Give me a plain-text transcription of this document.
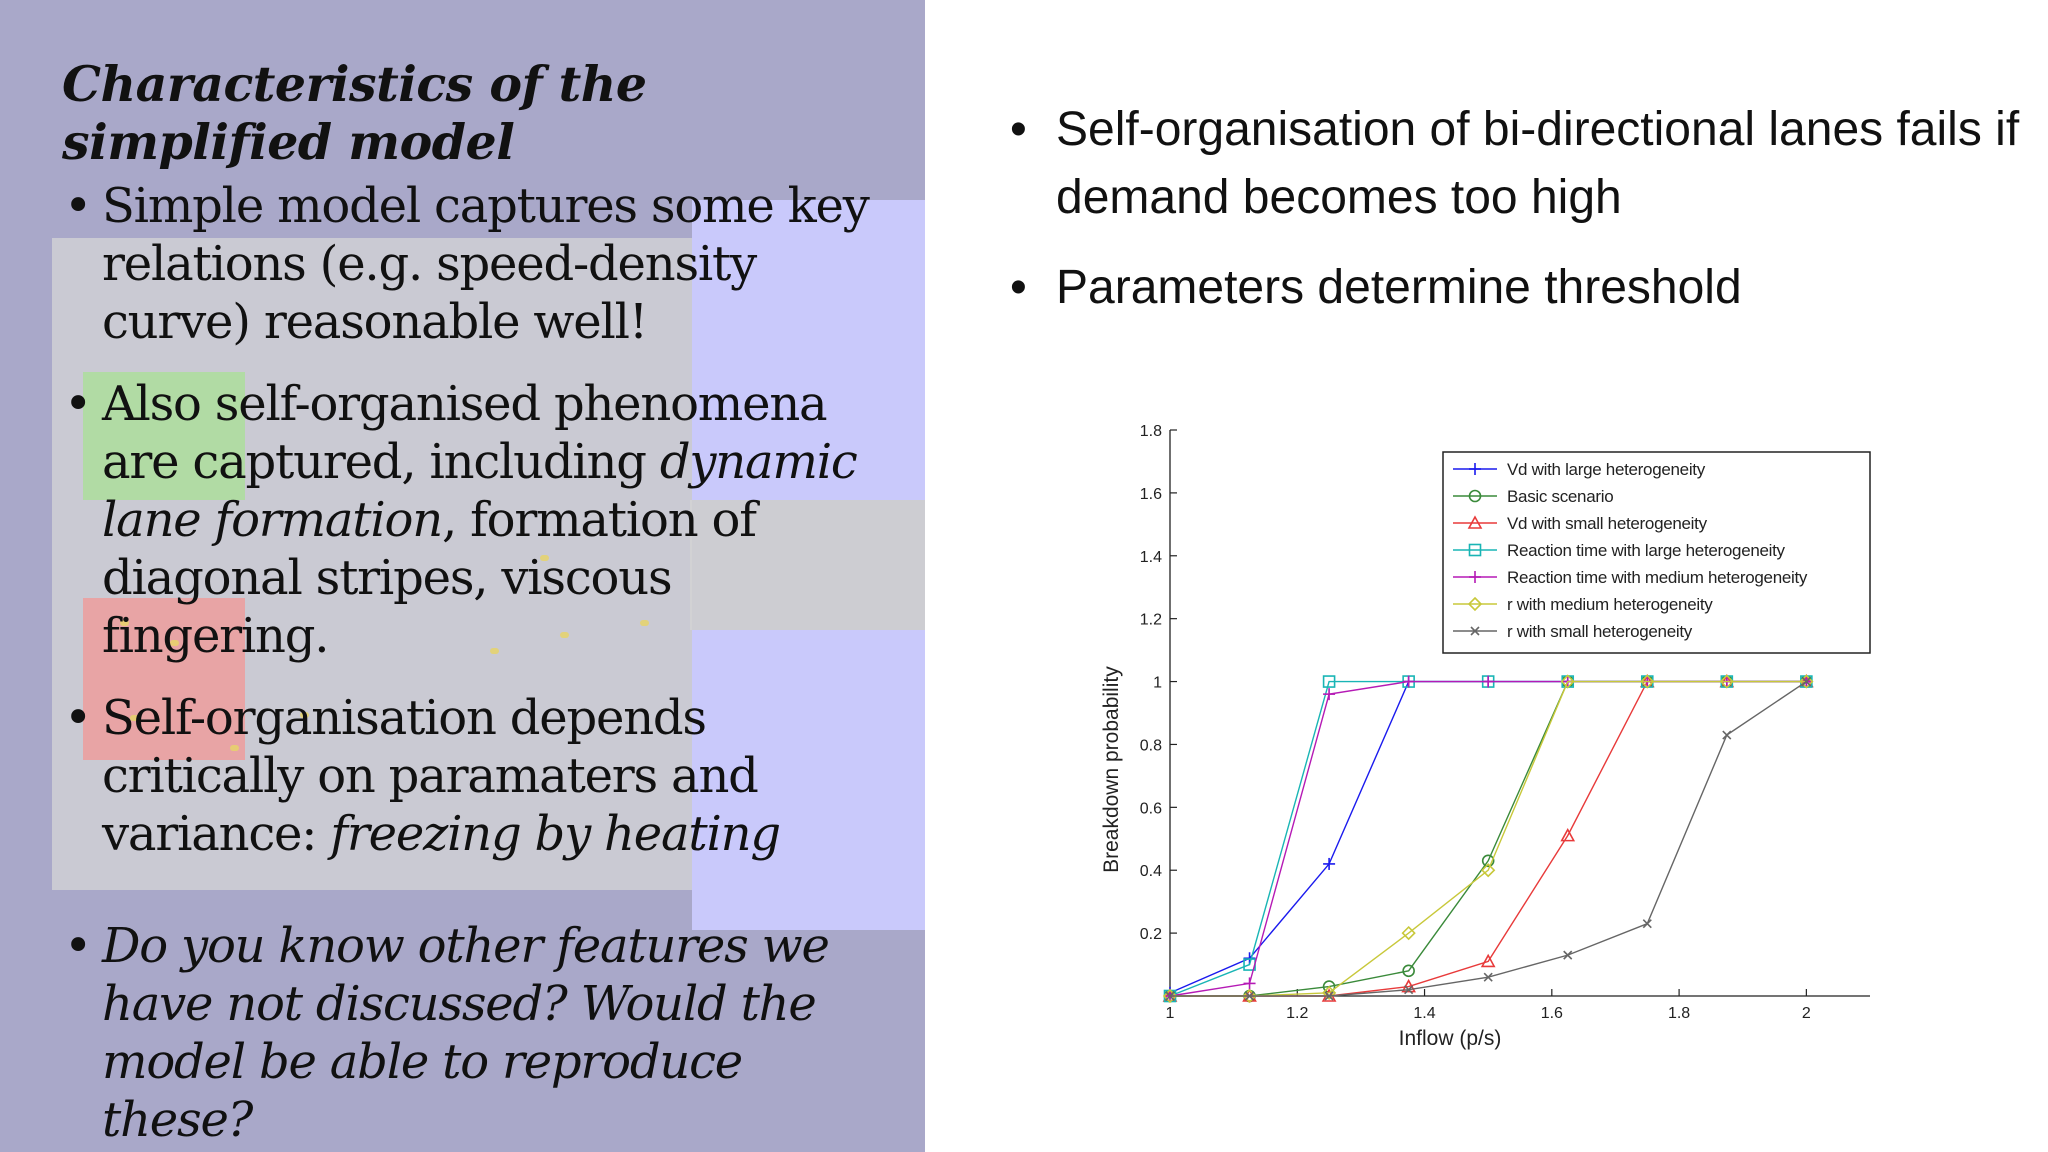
Characteristics of the
simplified model
• Simple model captures some key relations (e.g. speed-density curve) reasonable well!
• Also self-organised phenomena are captured, including dynamic lane formation, formation of diagonal stripes, viscous fingering.
• Self-organisation depends critically on paramaters and variance: freezing by heating
• Do you know other features we have not discussed? Would the model be able to reproduce these?
• Self-organisation of bi-directional lanes fails if demand becomes too high
• Parameters determine threshold
0.2
0.4
0.6
0.8
1
1.2
1.4
1.6
1.8
1	1.2	1.4	1.6	1.8	2
Inflow (p/s)
Breakdown probability
Vd with large heterogeneity
Basic scenario
Vd with small heterogeneity
Reaction time with large heterogeneity
Reaction time with medium heterogeneity
r with medium heterogeneity
r with small heterogeneity
